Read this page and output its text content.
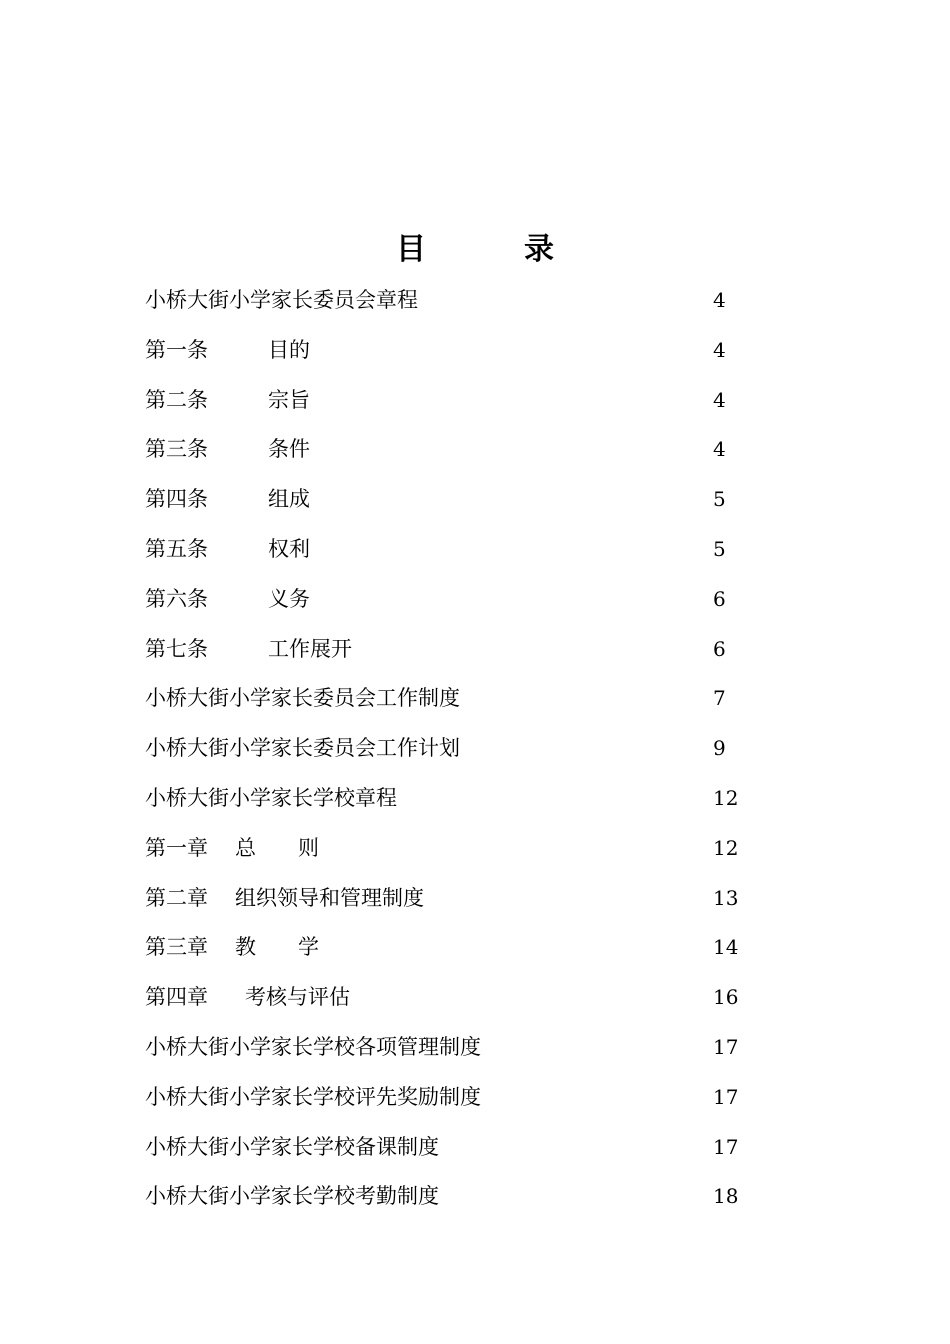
目　录
小桥大街小学家长委员会章程	4
第一条	目的	4
第二条	宗旨	4
第三条	条件	4
第四条	组成	5
第五条	权利	5
第六条	义务	6
第七条	工作展开	6
小桥大街小学家长委员会工作制度	7
小桥大街小学家长委员会工作计划	9
小桥大街小学家长学校章程	12
第一章 总　　则	12
第二章 组织领导和管理制度	13
第三章 教　　学	14
第四章 考核与评估	16
小桥大街小学家长学校各项管理制度	17
小桥大街小学家长学校评先奖励制度	17
小桥大街小学家长学校备课制度	17
小桥大街小学家长学校考勤制度	18
